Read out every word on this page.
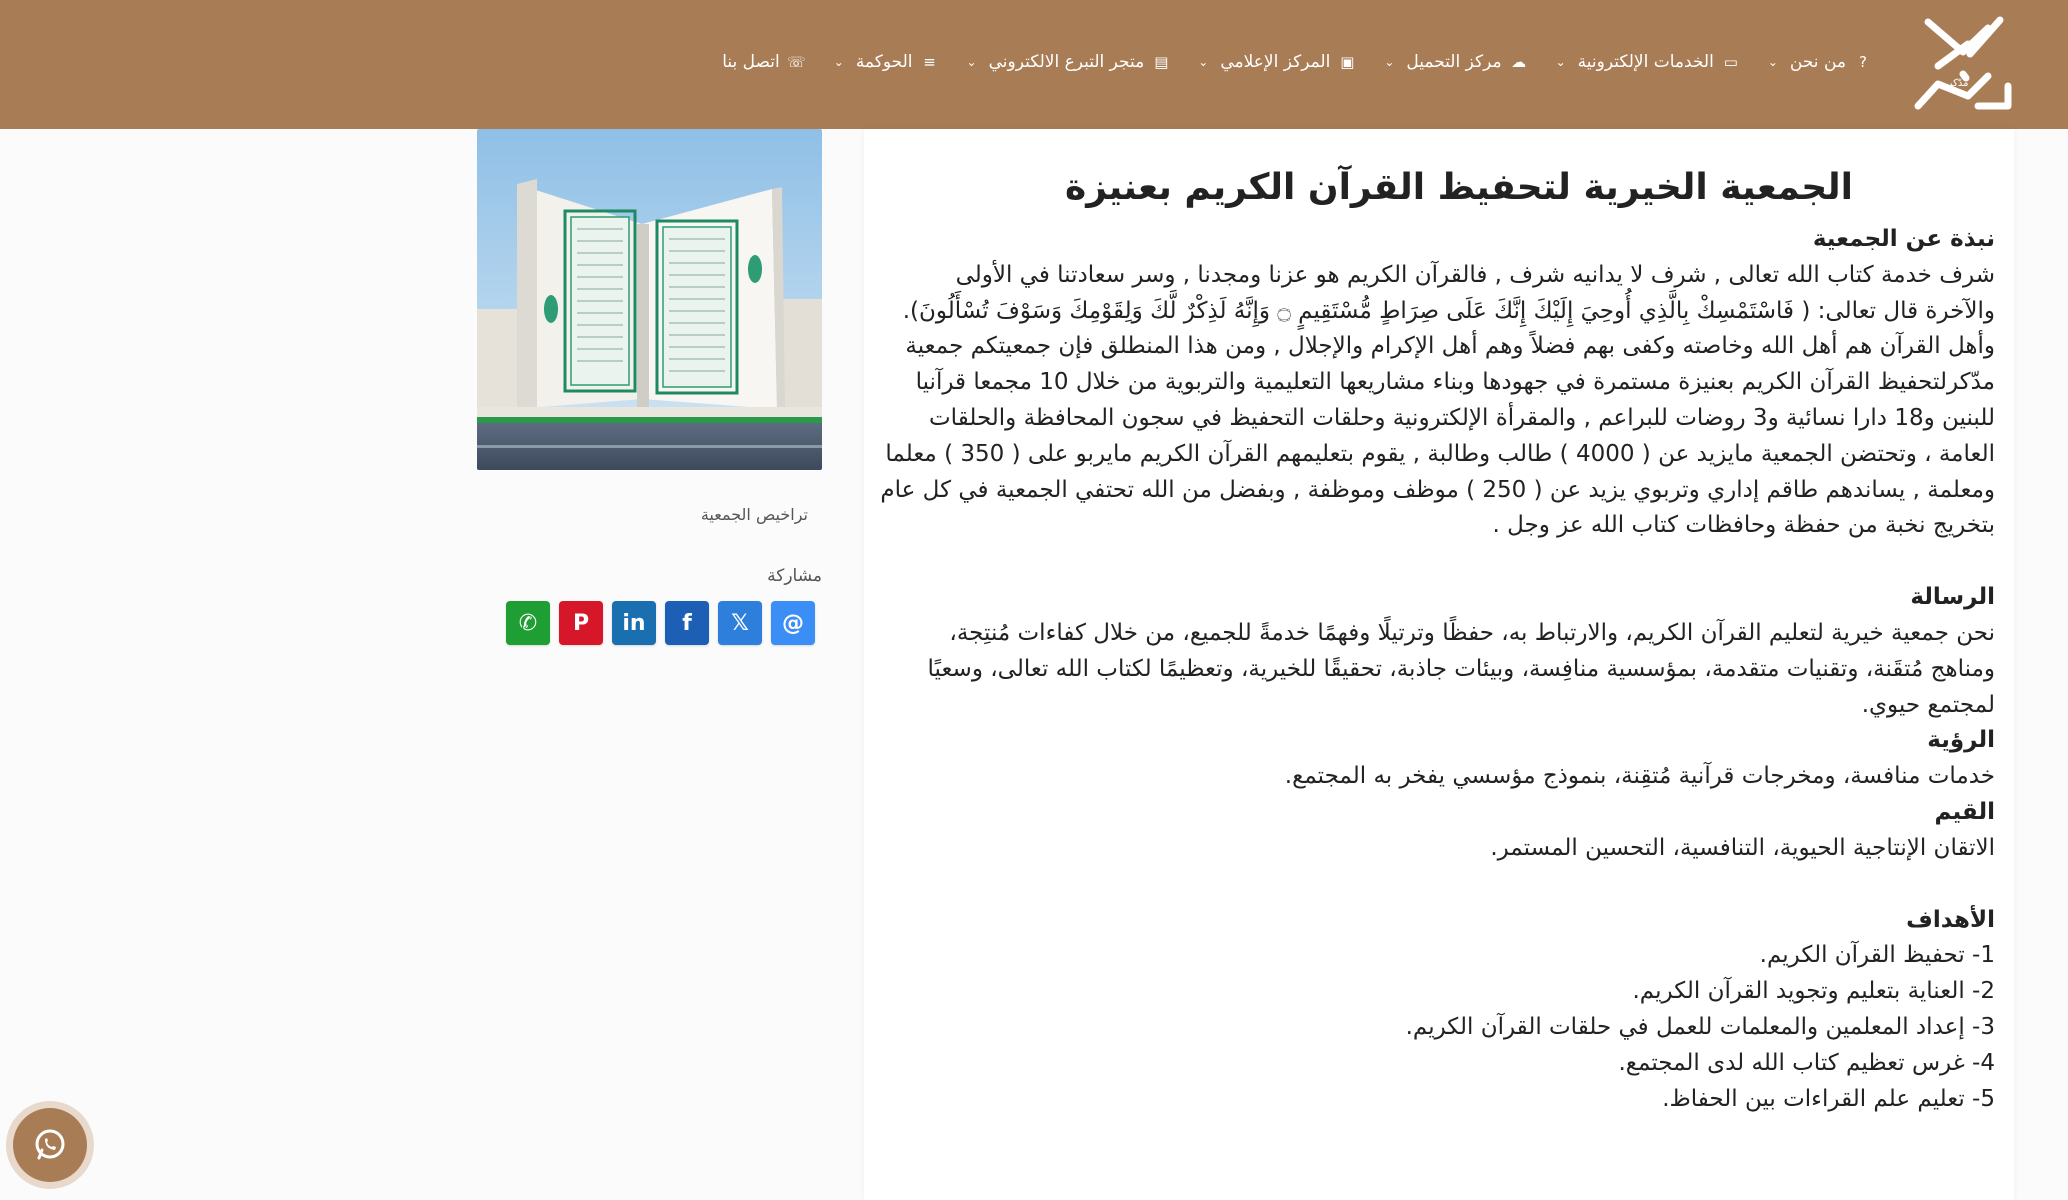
مدّكر
?
من نحن
⌄
▭
الخدمات الإلكترونية
⌄
☁
مركز التحميل
⌄
▣
المركز الإعلامي
⌄
▤
متجر التبرع الالكتروني
⌄
≡
الحوكمة
⌄
☏
اتصل بنا
الجمعية الخيرية لتحفيظ القرآن الكريم بعنيزة
نبذة عن الجمعية

شرف خدمة كتاب الله تعالى , شرف لا يدانيه شرف , فالقرآن الكريم هو عزنا ومجدنا , وسر سعادتنا في الأولى والآخرة قال تعالى: ( فَاسْتَمْسِكْ بِالَّذِي أُوحِيَ إِلَيْكَ إِنَّكَ عَلَى صِرَاطٍ مُّسْتَقِيمٍ ۝ وَإِنَّهُ لَذِكْرٌ لَّكَ وَلِقَوْمِكَ وَسَوْفَ تُسْأَلُونَ). وأهل القرآن هم أهل الله وخاصته وكفى بهم فضلاً وهم أهل الإكرام والإجلال , ومن هذا المنطلق فإن جمعيتكم جمعية مدّكرلتحفيظ القرآن الكريم بعنيزة مستمرة في جهودها وبناء مشاريعها التعليمية والتربوية من خلال 10 مجمعا قرآنيا للبنين و18 دارا نسائية و3 روضات للبراعم , والمقرأة الإلكترونية وحلقات التحفيظ في سجون المحافظة والحلقات العامة ، وتحتضن الجمعية مايزيد عن ( 4000 ) طالب وطالبة , يقوم بتعليمهم القرآن الكريم مايربو على ( 350 ) معلما ومعلمة , يساندهم طاقم إداري وتربوي يزيد عن ( 250 ) موظف وموظفة , وبفضل من الله تحتفي الجمعية في كل عام بتخريج نخبة من حفظة وحافظات كتاب الله عز وجل .

الرسالة

نحن جمعية خيرية لتعليم القرآن الكريم، والارتباط به، حفظًا وترتيلًا وفهمًا خدمةً للجميع، من خلال كفاءات مُنتِجة، ومناهج مُتقَنة، وتقنيات متقدمة، بمؤسسية منافِسة، وبيئات جاذبة، تحقيقًا للخيرية، وتعظيمًا لكتاب الله تعالى، وسعيًا لمجتمع حيوي.

الرؤية

خدمات منافسة، ومخرجات قرآنية مُتقِنة، بنموذج مؤسسي يفخر به المجتمع.

القيم

الاتقان الإنتاجية الحيوية، التنافسية، التحسين المستمر.

الأهداف

1- تحفيظ القرآن الكريم.

2- العناية بتعليم وتجويد القرآن الكريم.

3- إعداد المعلمين والمعلمات للعمل في حلقات القرآن الكريم.

4- غرس تعظيم كتاب الله لدى المجتمع.

5- تعليم علم القراءات بين الحفاظ.

تراخيص الجمعية
مشاركة
✆ P in f 𝕏 @
